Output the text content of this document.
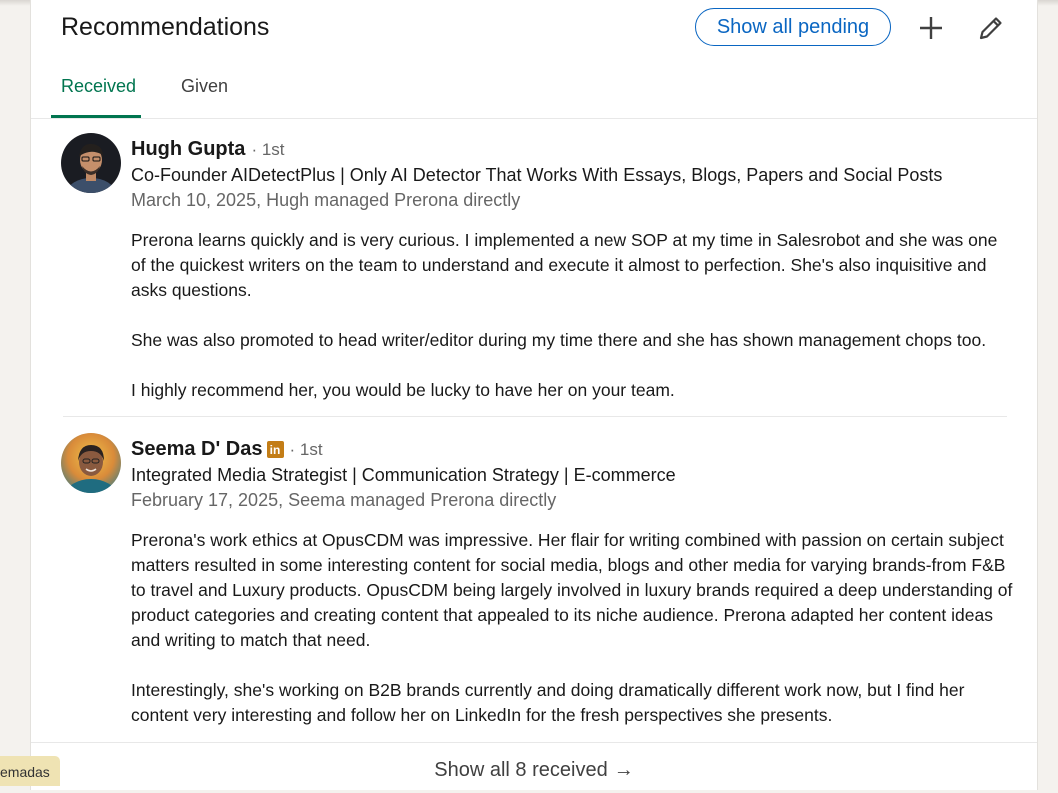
Recommendations	Show all pending
Received Given
Hugh Gupta · 1st
Co-Founder AIDetectPlus | Only AI Detector That Works With Essays, Blogs, Papers and Social Posts
March 10, 2025, Hugh managed Prerona directly

Prerona learns quickly and is very curious. I implemented a new SOP at my time in Salesrobot and she was one of the quickest writers on the team to understand and execute it almost to perfection. She's also inquisitive and asks questions.

She was also promoted to head writer/editor during my time there and she has shown management chops too.

I highly recommend her, you would be lucky to have her on your team.

Seema D' Das in · 1st
Integrated Media Strategist | Communication Strategy | E-commerce
February 17, 2025, Seema managed Prerona directly

Prerona's work ethics at OpusCDM was impressive. Her flair for writing combined with passion on certain subject matters resulted in some interesting content for social media, blogs and other media for varying brands-from F&B to travel and Luxury products. OpusCDM being largely involved in luxury brands required a deep understanding of product categories and creating content that appealed to its niche audience. Prerona adapted her content ideas and writing to match that need.

Interestingly, she's working on B2B brands currently and doing dramatically different work now, but I find her content very interesting and follow her on LinkedIn for the fresh perspectives she presents.

Show all 8 received →
emadas
